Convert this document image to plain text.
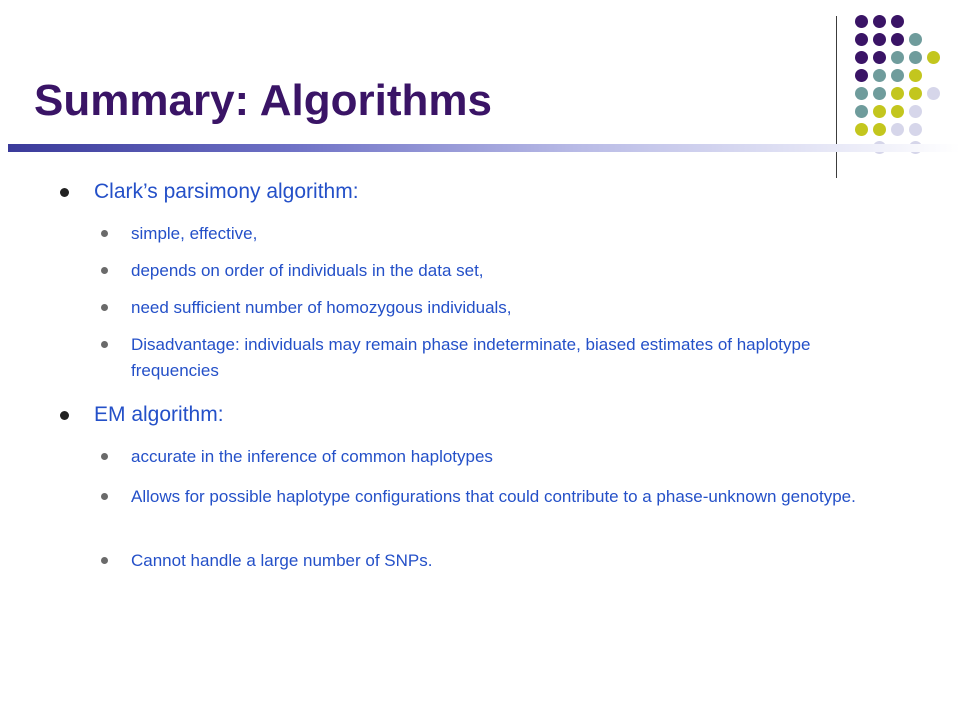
Summary: Algorithms
Clark’s parsimony algorithm:
simple, effective,
depends on order of individuals in the data set,
need sufficient number of homozygous individuals,
Disadvantage: individuals may remain phase indeterminate, biased estimates of haplotype frequencies
EM algorithm:
accurate in the inference of common haplotypes
Allows for possible haplotype configurations that could contribute to a phase-unknown genotype.
Cannot handle a large number of SNPs.
